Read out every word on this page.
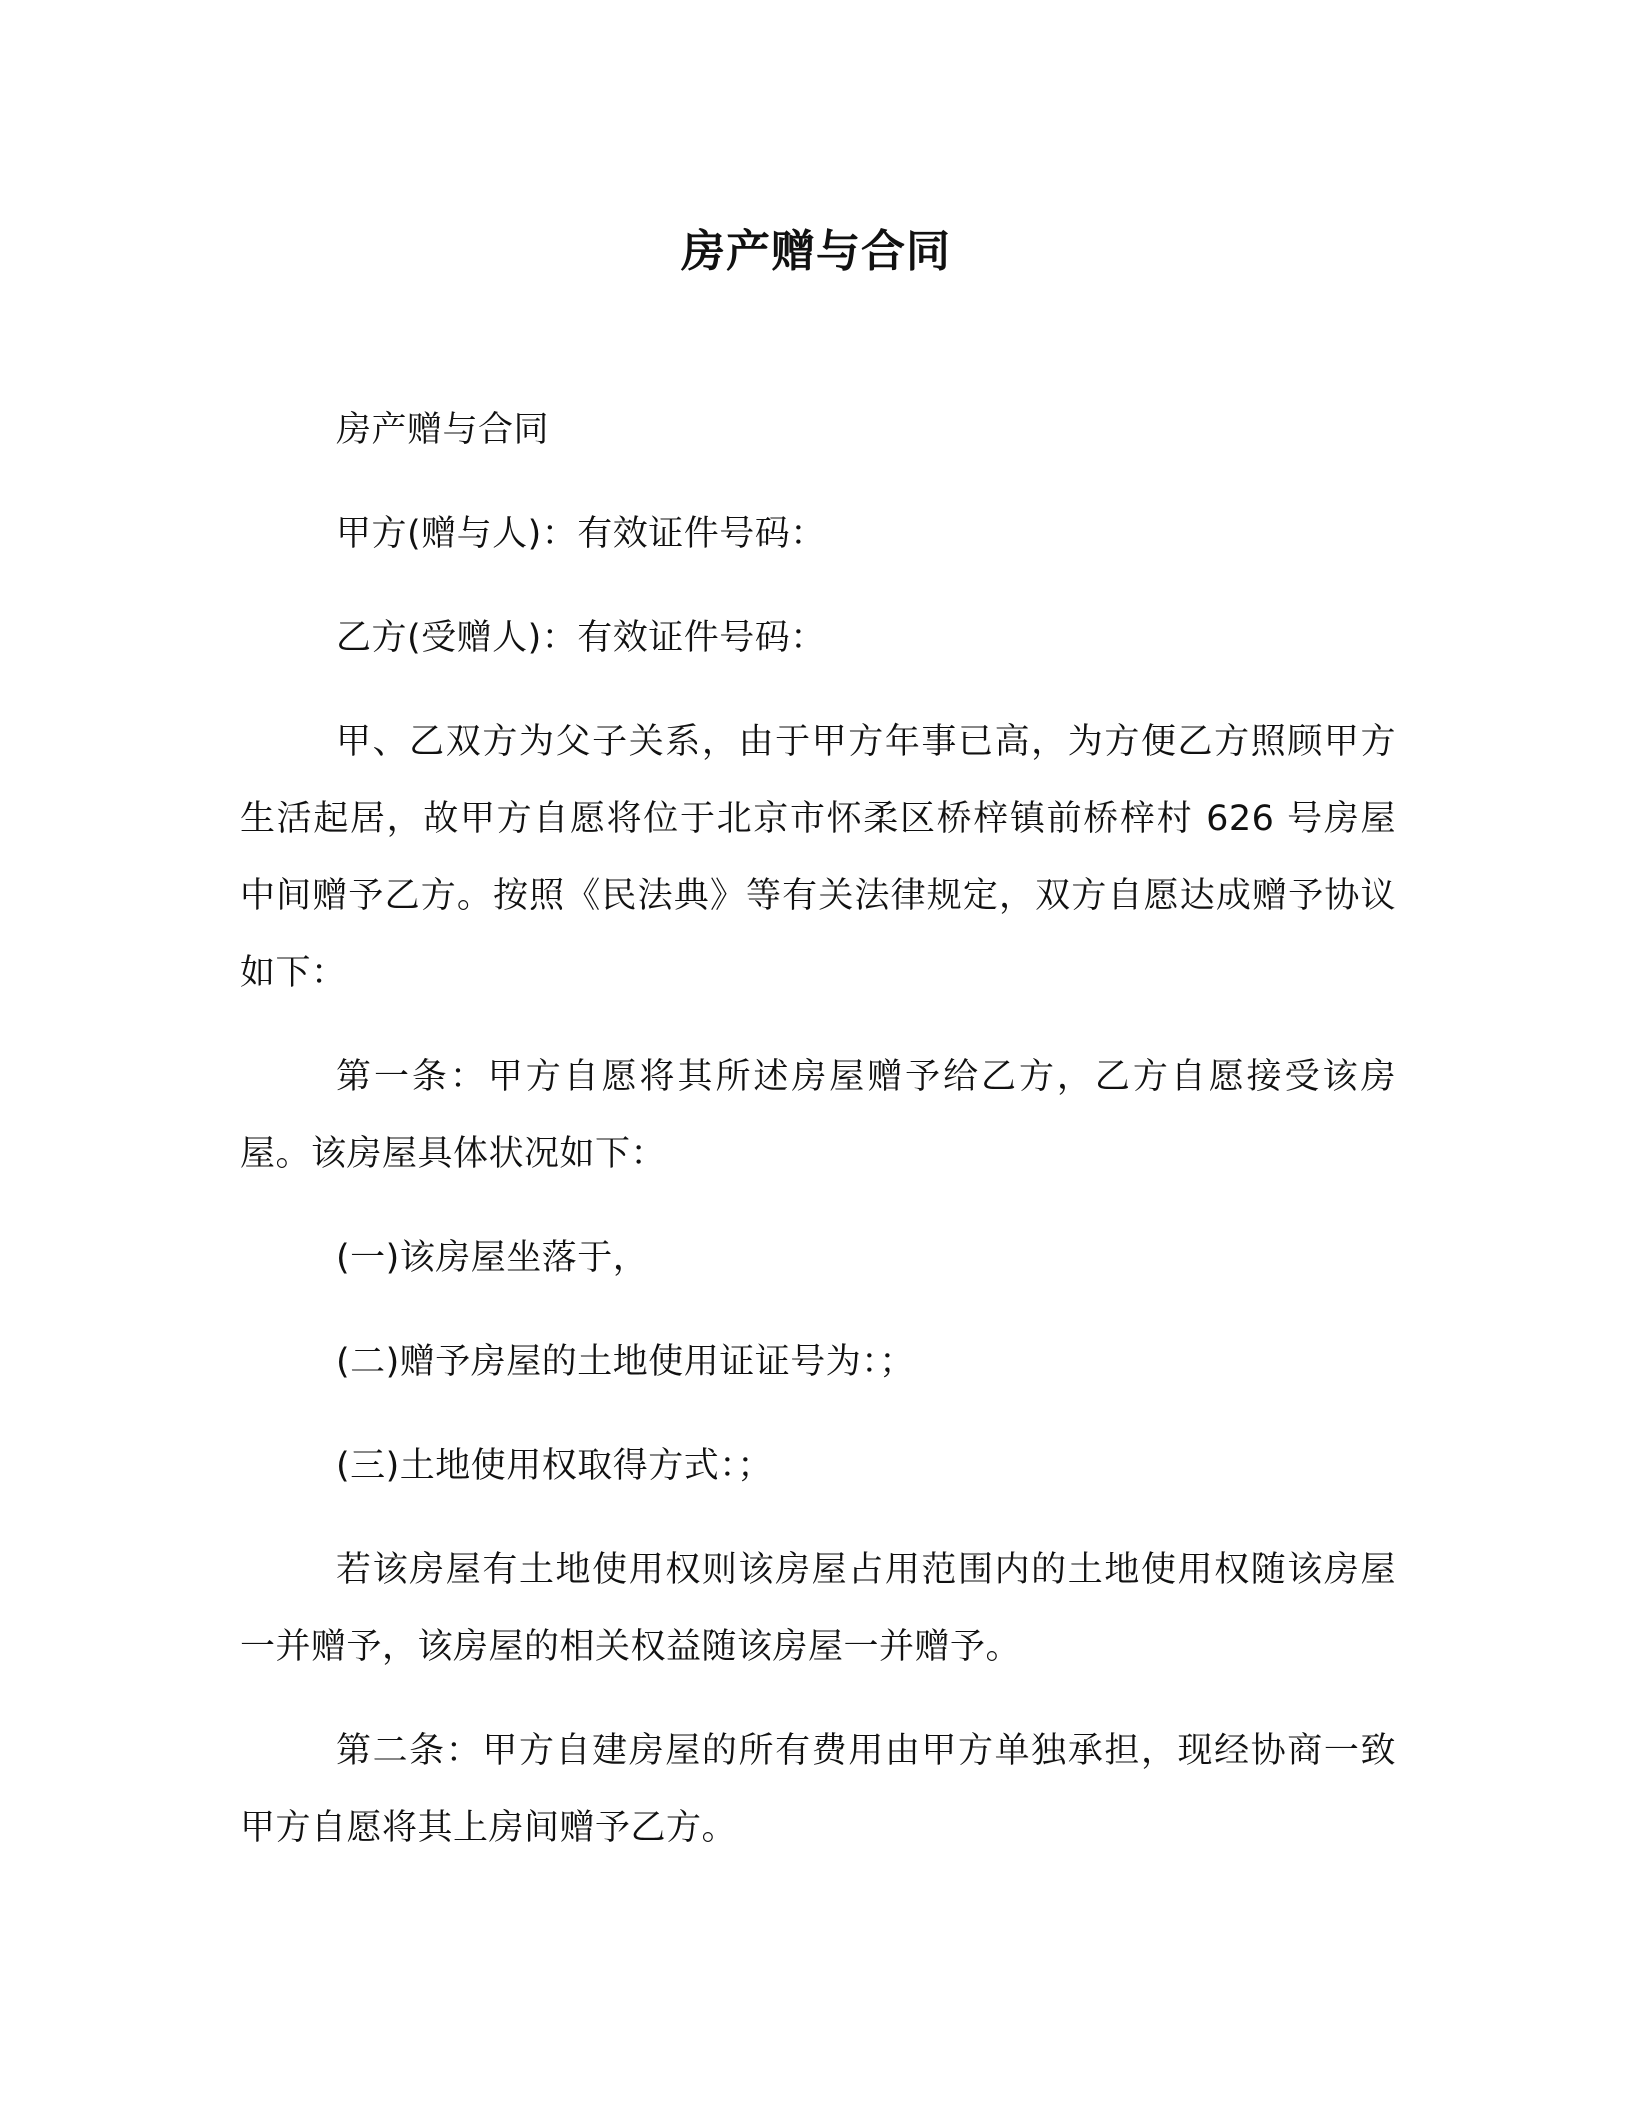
房产赠与合同

房产赠与合同

甲方(赠与人)：有效证件号码：

乙方(受赠人)：有效证件号码：

甲、乙双方为父子关系，由于甲方年事已高，为方便乙方照顾甲方生活起居，故甲方自愿将位于北京市怀柔区桥梓镇前桥梓村 626 号房屋中间赠予乙方。按照《民法典》等有关法律规定，双方自愿达成赠予协议如下：

第一条：甲方自愿将其所述房屋赠予给乙方，乙方自愿接受该房屋。该房屋具体状况如下：

(一)该房屋坐落于，

(二)赠予房屋的土地使用证证号为：；

(三)土地使用权取得方式：；

若该房屋有土地使用权则该房屋占用范围内的土地使用权随该房屋一并赠予，该房屋的相关权益随该房屋一并赠予。

第二条：甲方自建房屋的所有费用由甲方单独承担，现经协商一致甲方自愿将其上房间赠予乙方。
